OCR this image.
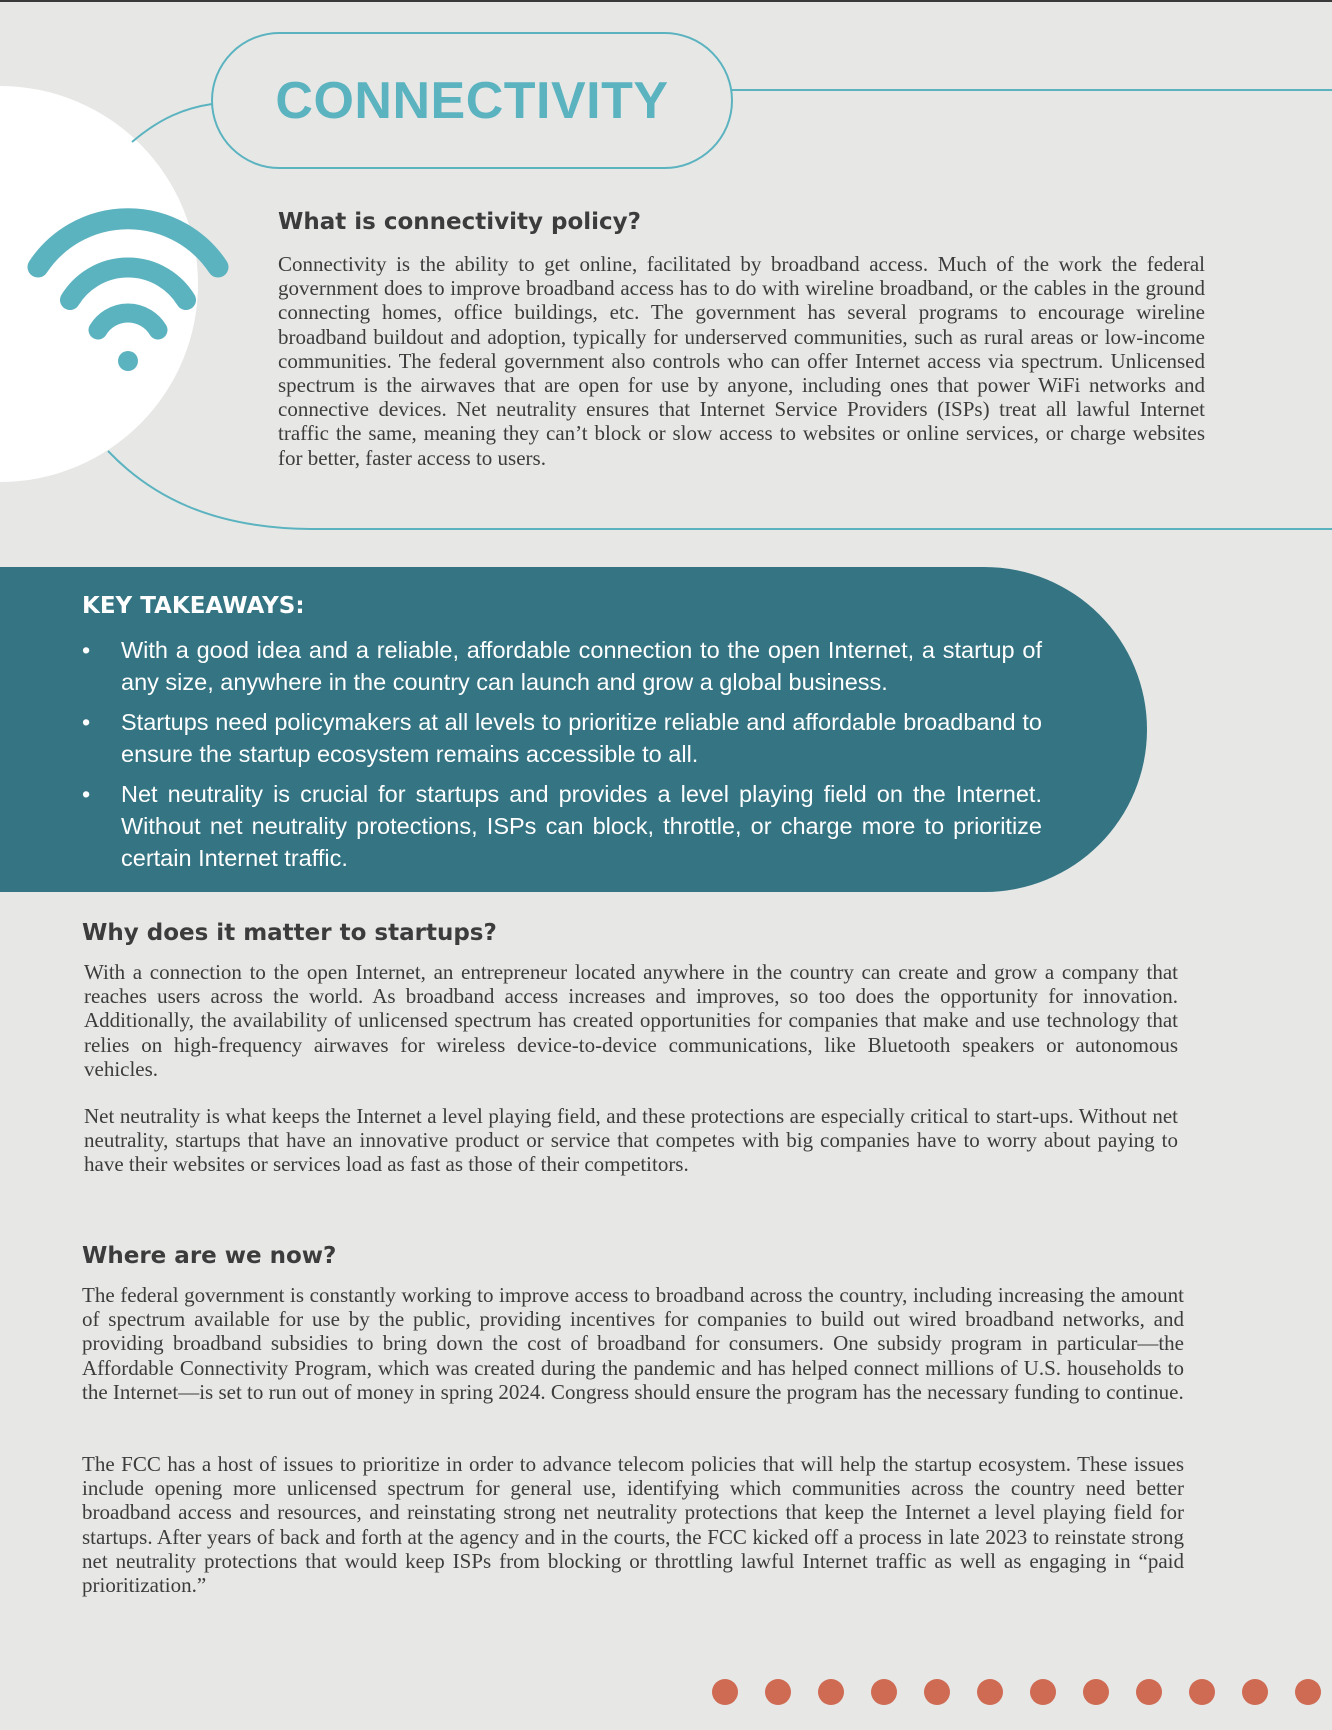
CONNECTIVITY
What is connectivity policy?

Connectivity is the ability to get online, facilitated by broadband access. Much of the work the federal government does to improve broadband access has to do with wireline broadband, or the cables in the ground connecting homes, office buildings, etc. The government has several programs to encourage wireline broadband buildout and adoption, typically for underserved communities, such as rural areas or low-income communities. The federal government also controls who can offer Internet access via spectrum. Unlicensed spectrum is the airwaves that are open for use by anyone, including ones that power WiFi networks and connective devices. Net neutrality ensures that Internet Service Providers (ISPs) treat all lawful Internet traffic the same, meaning they can’t block or slow access to websites or online services, or charge websites for better, faster access to users.

KEY TAKEAWAYS:
• With a good idea and a reliable, affordable connection to the open Internet, a startup of any size, anywhere in the country can launch and grow a global business.
• Startups need policymakers at all levels to prioritize reliable and affordable broadband to ensure the startup ecosystem remains accessible to all.
• Net neutrality is crucial for startups and provides a level playing field on the Internet. Without net neutrality protections, ISPs can block, throttle, or charge more to prioritize certain Internet traffic.
Why does it matter to startups?

With a connection to the open Internet, an entrepreneur located anywhere in the country can create and grow a company that reaches users across the world. As broadband access increases and improves, so too does the opportunity for innovation. Additionally, the availability of unlicensed spectrum has created opportunities for companies that make and use technology that relies on high-frequency airwaves for wireless device-to-device communications, like Bluetooth speakers or autonomous vehicles.

Net neutrality is what keeps the Internet a level playing field, and these protections are especially critical to start-ups. Without net neutrality, startups that have an innovative product or service that competes with big companies have to worry about paying to have their websites or services load as fast as those of their competitors.

Where are we now?

The federal government is constantly working to improve access to broadband across the country, including increasing the amount of spectrum available for use by the public, providing incentives for companies to build out wired broadband networks, and providing broadband subsidies to bring down the cost of broadband for consumers. One subsidy program in particular—the Affordable Connectivity Program, which was created during the pandemic and has helped connect millions of U.S. households to the Internet—is set to run out of money in spring 2024. Congress should ensure the program has the necessary funding to continue.

The FCC has a host of issues to prioritize in order to advance telecom policies that will help the startup ecosystem. These issues include opening more unlicensed spectrum for general use, identifying which communities across the country need better broadband access and resources, and reinstating strong net neutrality protections that keep the Internet a level playing field for startups. After years of back and forth at the agency and in the courts, the FCC kicked off a process in late 2023 to reinstate strong net neutrality protections that would keep ISPs from blocking or throttling lawful Internet traffic as well as engaging in “paid prioritization.”
